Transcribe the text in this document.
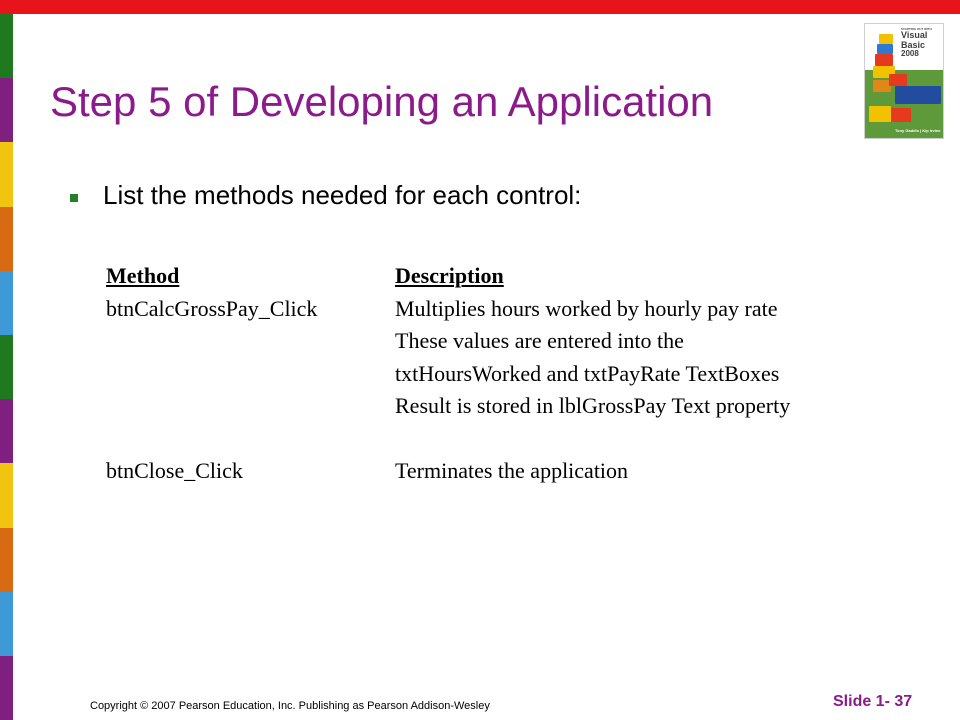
Step 5 of Developing an Application
STARTING OUT WITH
Visual Basic
2008
Tony Gaddis | Kip Irvine
List the methods needed for each control:
Method	Description
btnCalcGrossPay_Click	Multiplies hours worked by hourly pay rate
These values are entered into the
txtHoursWorked and txtPayRate TextBoxes
Result is stored in lblGrossPay Text property

btnClose_Click	Terminates the application
Copyright © 2007 Pearson Education, Inc. Publishing as Pearson Addison-Wesley	Slide 1- 37
